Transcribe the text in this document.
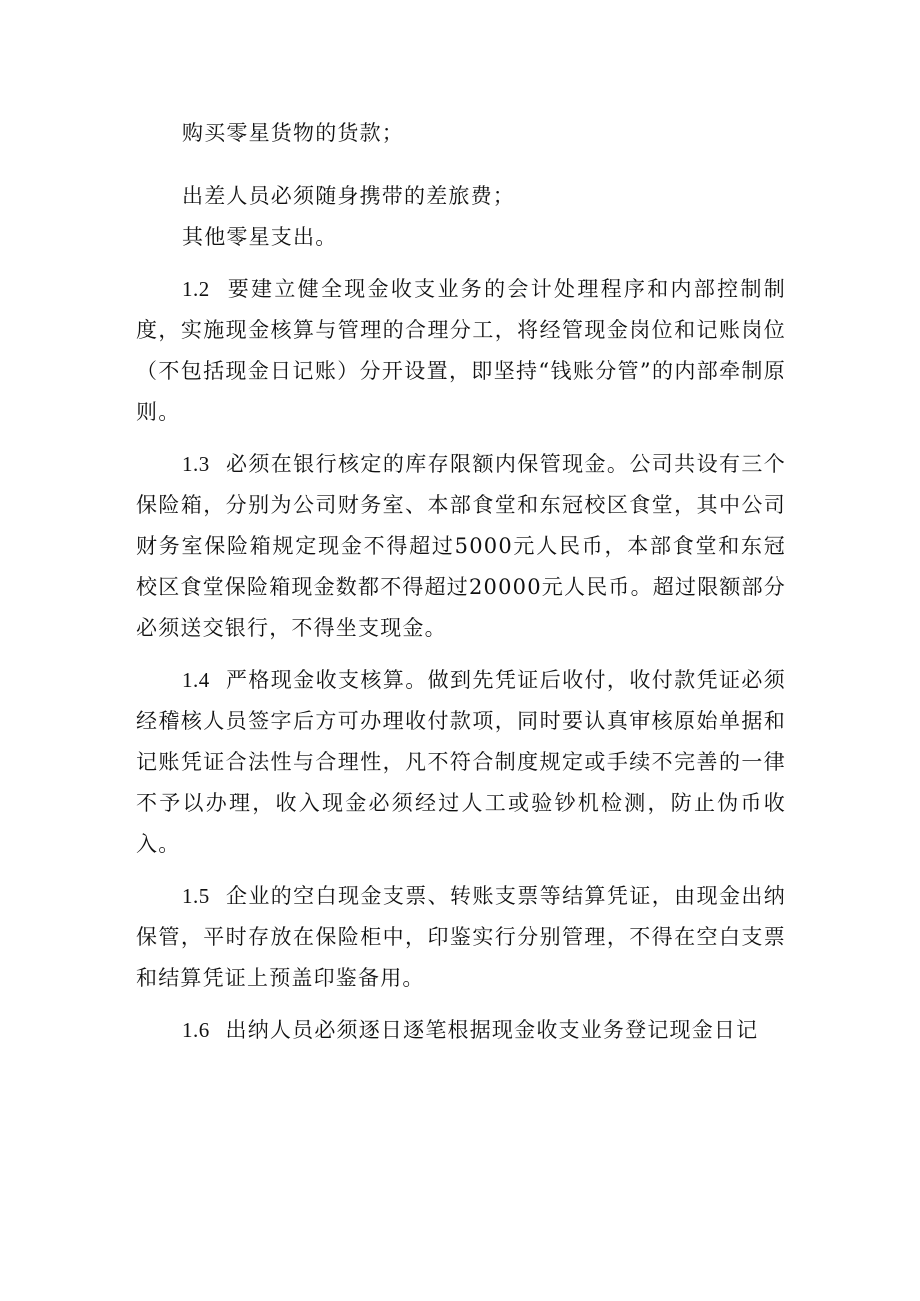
购买零星货物的货款；

出差人员必须随身携带的差旅费；

其他零星支出。

1.2 要建立健全现金收支业务的会计处理程序和内部控制制度，实施现金核算与管理的合理分工，将经管现金岗位和记账岗位（不包括现金日记账）分开设置，即坚持“钱账分管”的内部牵制原则。

1.3 必须在银行核定的库存限额内保管现金。公司共设有三个保险箱，分别为公司财务室、本部食堂和东冠校区食堂，其中公司财务室保险箱规定现金不得超过5000元人民币，本部食堂和东冠校区食堂保险箱现金数都不得超过20000元人民币。超过限额部分必须送交银行，不得坐支现金。

1.4 严格现金收支核算。做到先凭证后收付，收付款凭证必须经稽核人员签字后方可办理收付款项，同时要认真审核原始单据和记账凭证合法性与合理性，凡不符合制度规定或手续不完善的一律不予以办理，收入现金必须经过人工或验钞机检测，防止伪币收入。

1.5 企业的空白现金支票、转账支票等结算凭证，由现金出纳保管，平时存放在保险柜中，印鉴实行分别管理，不得在空白支票和结算凭证上预盖印鉴备用。

1.6 出纳人员必须逐日逐笔根据现金收支业务登记现金日记
